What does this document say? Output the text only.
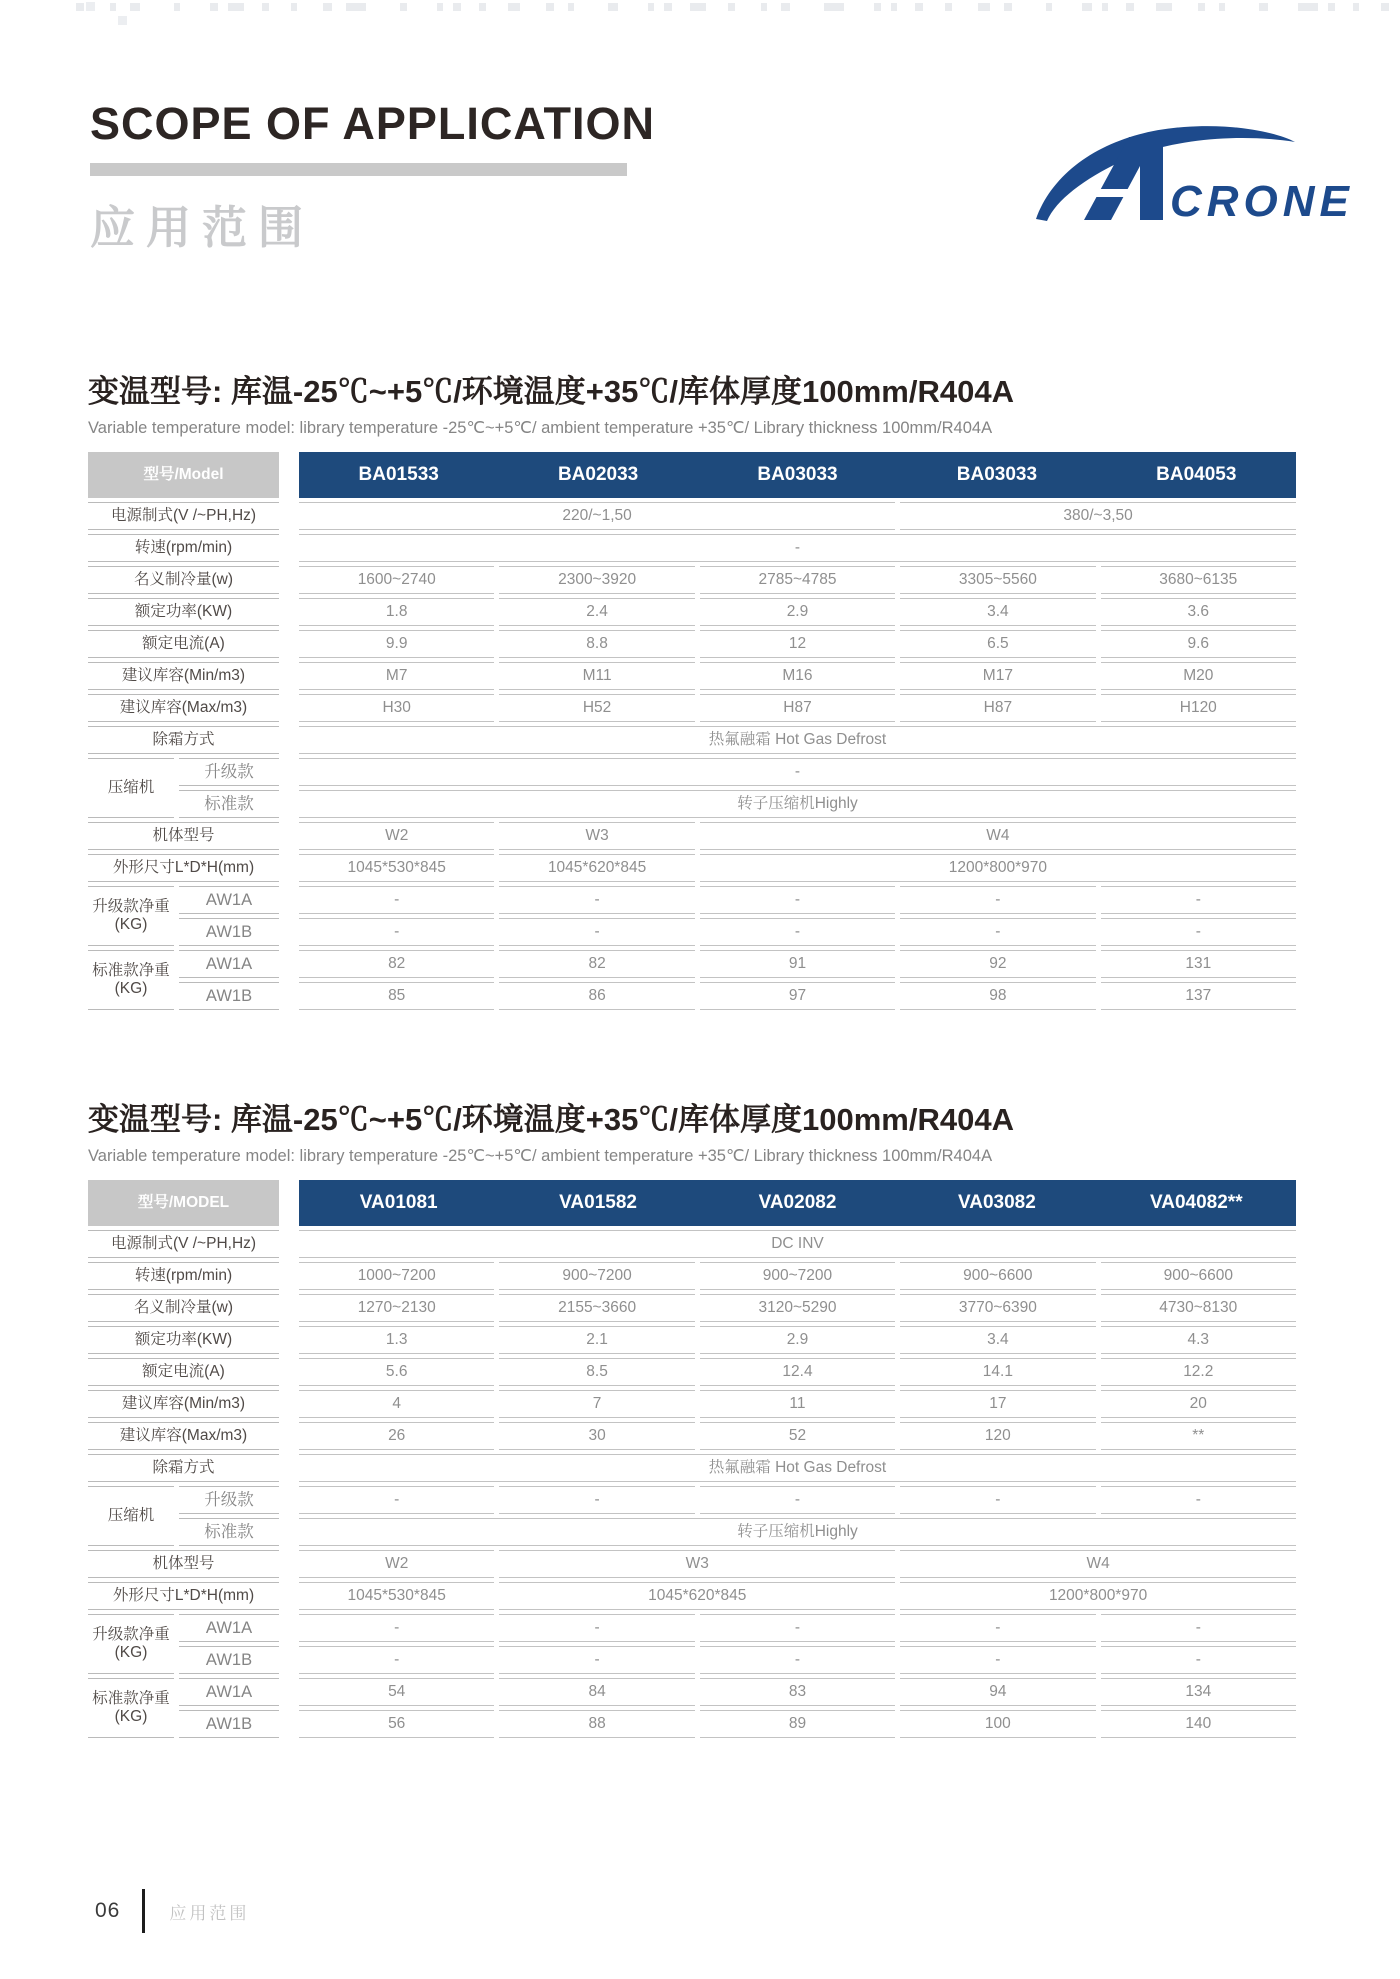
SCOPE OF APPLICATION
应用范围
CRONE
变温型号: 库温-25℃~+5℃/环境温度+35℃/库体厚度100mm/R404A
Variable temperature model: library temperature -25℃~+5℃/ ambient temperature +35℃/ Library thickness 100mm/R404A
型号/Model			BA01533 BA02033 BA03033 BA03033 BA04053				

电源制式(V /~PH,Hz)			220/~1,50			380/~3,50	
转速(rpm/min)			-				
名义制冷量(w)			1600~2740	2300~3920	2785~4785	3305~5560	3680~6135
额定功率(KW)			1.8	2.4	2.9	3.4	3.6
额定电流(A)			9.9	8.8	12	6.5	9.6
建议库容(Min/m3)			M7	M11	M16	M17	M20
建议库容(Max/m3)			H30	H52	H87	H87	H120
除霜方式			热氟融霜 Hot Gas Defrost				
压缩机	升级款		-				
	标准款		转子压缩机Highly				
机体型号			W2	W3	W4		
外形尺寸L*D*H(mm)			1045*530*845	1045*620*845	1200*800*970		
升级款净重(KG)	AW1A		-	-	-	-	-
	AW1B		-	-	-	-	-
标准款净重(KG)	AW1A		82	82	91	92	131
	AW1B		85	86	97	98	137
变温型号: 库温-25℃~+5℃/环境温度+35℃/库体厚度100mm/R404A
Variable temperature model: library temperature -25℃~+5℃/ ambient temperature +35℃/ Library thickness 100mm/R404A
型号/MODEL			VA01081 VA01582 VA02082 VA03082 VA04082**				

电源制式(V /~PH,Hz)			DC INV				
转速(rpm/min)			1000~7200	900~7200	900~7200	900~6600	900~6600
名义制冷量(w)			1270~2130	2155~3660	3120~5290	3770~6390	4730~8130
额定功率(KW)			1.3	2.1	2.9	3.4	4.3
额定电流(A)			5.6	8.5	12.4	14.1	12.2
建议库容(Min/m3)			4	7	11	17	20
建议库容(Max/m3)			26	30	52	120	**
除霜方式			热氟融霜 Hot Gas Defrost				
压缩机	升级款		-	-	-	-	-
	标准款		转子压缩机Highly				
机体型号			W2	W3		W4	
外形尺寸L*D*H(mm)			1045*530*845	1045*620*845		1200*800*970	
升级款净重(KG)	AW1A		-	-	-	-	-
	AW1B		-	-	-	-	-
标准款净重(KG)	AW1A		54	84	83	94	134
	AW1B		56	88	89	100	140
06	应用范围
